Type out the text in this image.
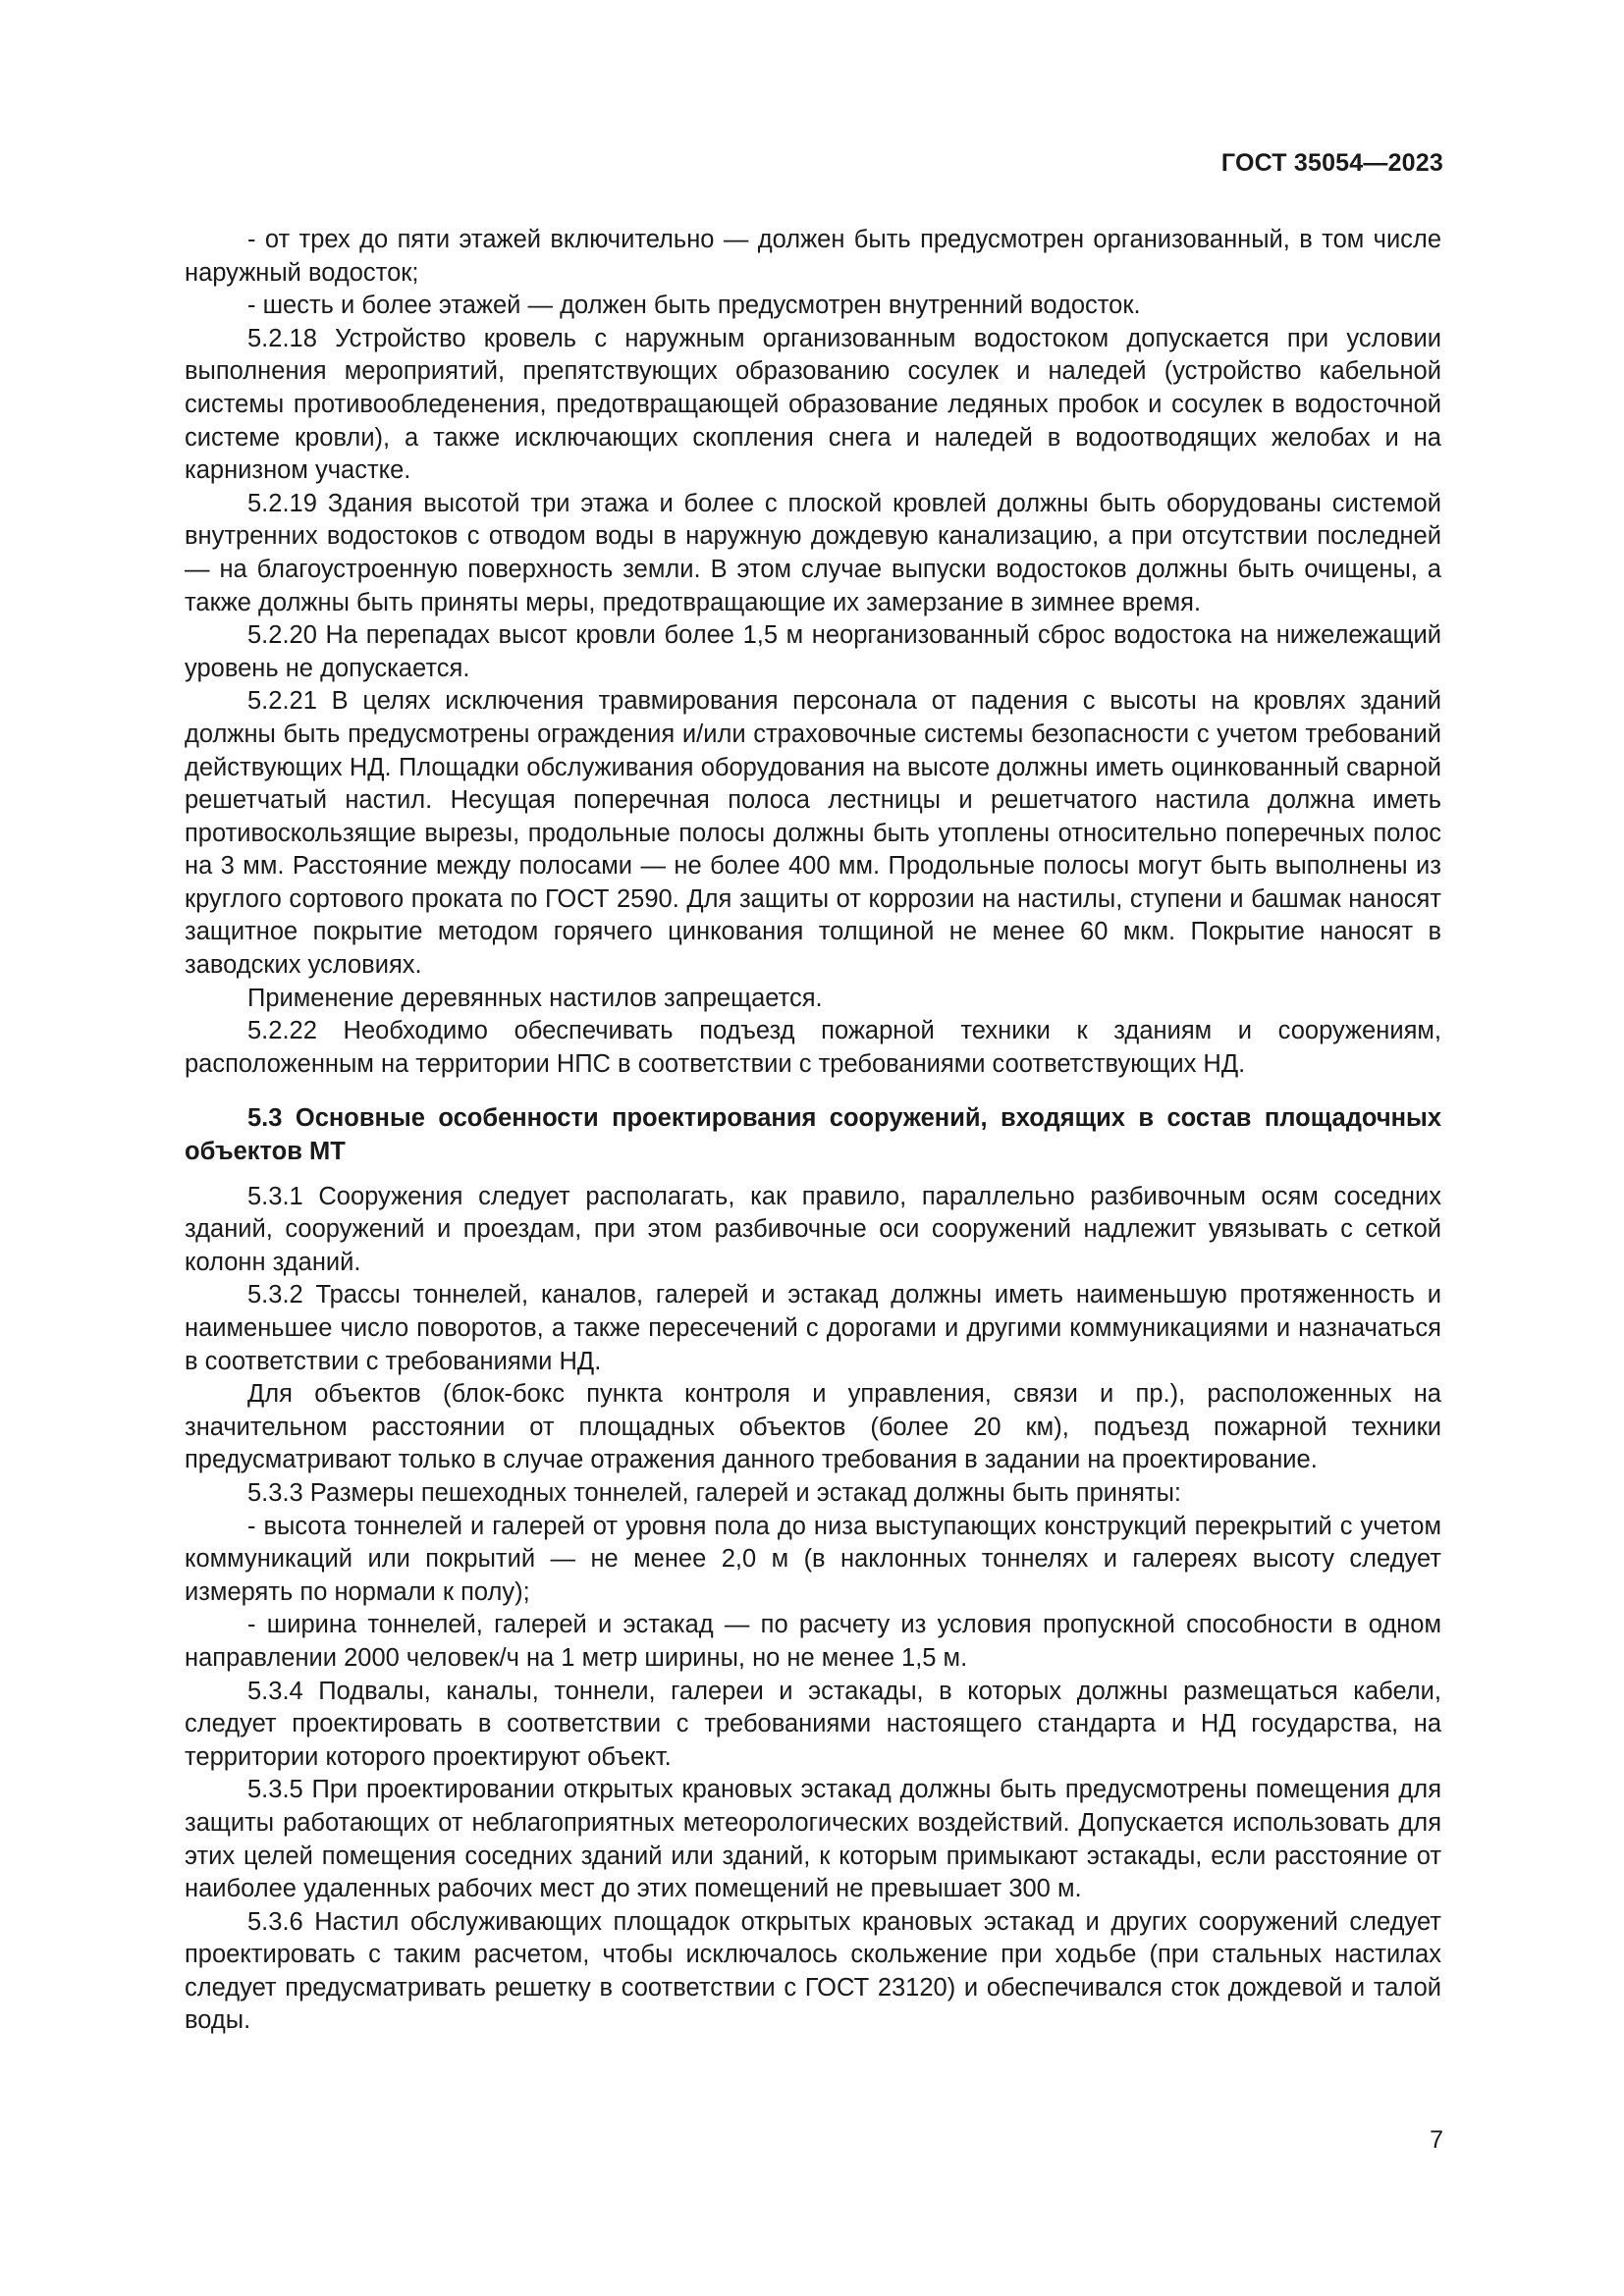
ГОСТ 35054—2023

- от трех до пяти этажей включительно — должен быть предусмотрен организованный, в том числе наружный водосток;

- шесть и более этажей — должен быть предусмотрен внутренний водосток.

5.2.18 Устройство кровель с наружным организованным водостоком допускается при условии выполнения мероприятий, препятствующих образованию сосулек и наледей (устройство кабельной системы противообледенения, предотвращающей образование ледяных пробок и сосулек в водосточной системе кровли), а также исключающих скопления снега и наледей в водоотводящих желобах и на карнизном участке.

5.2.19 Здания высотой три этажа и более с плоской кровлей должны быть оборудованы системой внутренних водостоков с отводом воды в наружную дождевую канализацию, а при отсутствии последней — на благоустроенную поверхность земли. В этом случае выпуски водостоков должны быть очищены, а также должны быть приняты меры, предотвращающие их замерзание в зимнее время.

5.2.20 На перепадах высот кровли более 1,5 м неорганизованный сброс водостока на нижележащий уровень не допускается.

5.2.21 В целях исключения травмирования персонала от падения с высоты на кровлях зданий должны быть предусмотрены ограждения и/или страховочные системы безопасности с учетом требований действующих НД. Площадки обслуживания оборудования на высоте должны иметь оцинкованный сварной решетчатый настил. Несущая поперечная полоса лестницы и решетчатого настила должна иметь противоскользящие вырезы, продольные полосы должны быть утоплены относительно поперечных полос на 3 мм. Расстояние между полосами — не более 400 мм. Продольные полосы могут быть выполнены из круглого сортового проката по ГОСТ 2590. Для защиты от коррозии на настилы, ступени и башмак наносят защитное покрытие методом горячего цинкования толщиной не менее 60 мкм. Покрытие наносят в заводских условиях.

Применение деревянных настилов запрещается.

5.2.22 Необходимо обеспечивать подъезд пожарной техники к зданиям и сооружениям, расположенным на территории НПС в соответствии с требованиями соответствующих НД.

5.3 Основные особенности проектирования сооружений, входящих в состав площадочных объектов МТ

5.3.1 Сооружения следует располагать, как правило, параллельно разбивочным осям соседних зданий, сооружений и проездам, при этом разбивочные оси сооружений надлежит увязывать с сеткой колонн зданий.

5.3.2 Трассы тоннелей, каналов, галерей и эстакад должны иметь наименьшую протяженность и наименьшее число поворотов, а также пересечений с дорогами и другими коммуникациями и назначаться в соответствии с требованиями НД.

Для объектов (блок-бокс пункта контроля и управления, связи и пр.), расположенных на значительном расстоянии от площадных объектов (более 20 км), подъезд пожарной техники предусматривают только в случае отражения данного требования в задании на проектирование.

5.3.3 Размеры пешеходных тоннелей, галерей и эстакад должны быть приняты:

- высота тоннелей и галерей от уровня пола до низа выступающих конструкций перекрытий с учетом коммуникаций или покрытий — не менее 2,0 м (в наклонных тоннелях и галереях высоту следует измерять по нормали к полу);

- ширина тоннелей, галерей и эстакад — по расчету из условия пропускной способности в одном направлении 2000 человек/ч на 1 метр ширины, но не менее 1,5 м.

5.3.4 Подвалы, каналы, тоннели, галереи и эстакады, в которых должны размещаться кабели, следует проектировать в соответствии с требованиями настоящего стандарта и НД государства, на территории которого проектируют объект.

5.3.5 При проектировании открытых крановых эстакад должны быть предусмотрены помещения для защиты работающих от неблагоприятных метеорологических воздействий. Допускается использовать для этих целей помещения соседних зданий или зданий, к которым примыкают эстакады, если расстояние от наиболее удаленных рабочих мест до этих помещений не превышает 300 м.

5.3.6 Настил обслуживающих площадок открытых крановых эстакад и других сооружений следует проектировать с таким расчетом, чтобы исключалось скольжение при ходьбе (при стальных настилах следует предусматривать решетку в соответствии с ГОСТ 23120) и обеспечивался сток дождевой и талой воды.

7
